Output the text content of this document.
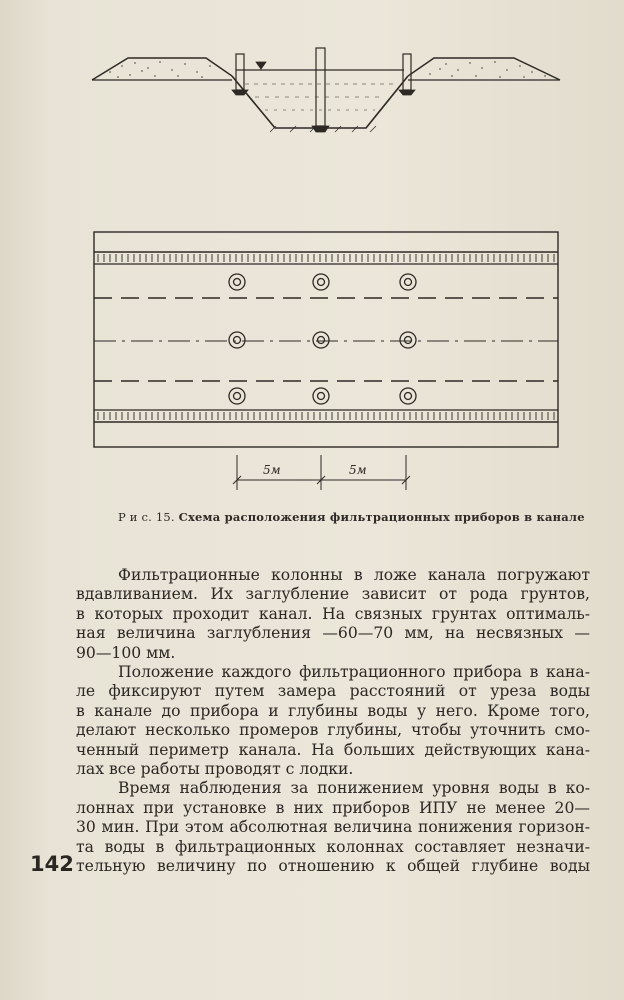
5м	5м
Р и с. 15. Схема расположения фильтрационных приборов в канале

Фильтрационные колонны в ложе канала погружают
вдавливанием. Их заглубление зависит от рода грунтов,
в которых проходит канал. На связных грунтах оптималь-
ная величина заглубления —60—70 мм, на несвязных —
90—100 мм.

Положение каждого фильтрационного прибора в кана-
ле фиксируют путем замера расстояний от уреза воды
в канале до прибора и глубины воды у него. Кроме того,
делают несколько промеров глубины, чтобы уточнить смо-
ченный периметр канала. На больших действующих кана-
лах все работы проводят с лодки.

Время наблюдения за понижением уровня воды в ко-
лоннах при установке в них приборов ИПУ не менее 20—
30 мин. При этом абсолютная величина понижения горизон-
та воды в фильтрационных колоннах составляет незначи-
тельную величину по отношению к общей глубине воды

142
